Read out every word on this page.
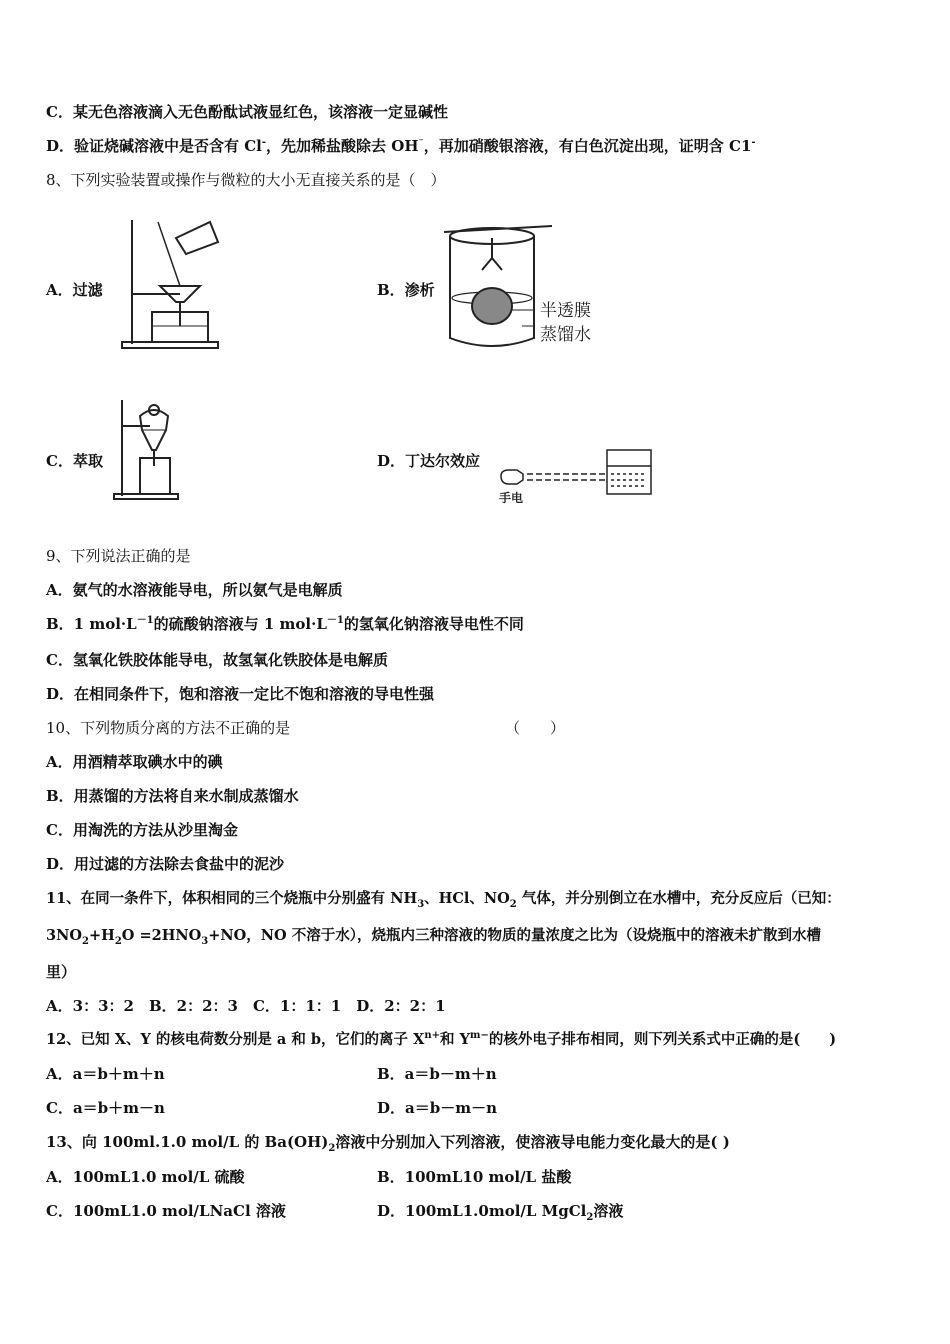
C．某无色溶液滴入无色酚酞试液显红色，该溶液一定显碱性
D．验证烧碱溶液中是否含有 Cl-，先加稀盐酸除去 OH⁻，再加硝酸银溶液，有白色沉淀出现，证明含 C1-
8、下列实验装置或操作与微粒的大小无直接关系的是（　）
A．过滤	B．渗析
半透膜
蒸馏水
C．萃取	D．丁达尔效应
手电
9、下列说法正确的是
A．氨气的水溶液能导电，所以氨气是电解质
B．1 $mol\cdot L^{-1}$的硫酸钠溶液与 1 $mol\cdot L^{-1}$的氢氧化钠溶液导电性不同
C．氢氧化铁胶体能导电，故氢氧化铁胶体是电解质
D．在相同条件下，饱和溶液一定比不饱和溶液的导电性强
10、下列物质分离的方法不正确的是	（　　）
A．用酒精萃取碘水中的碘
B．用蒸馏的方法将自来水制成蒸馏水
C．用淘洗的方法从沙里淘金
D．用过滤的方法除去食盐中的泥沙
11、在同一条件下，体积相同的三个烧瓶中分别盛有 $NH_3$、HCl、$NO_2$ 气体，并分别倒立在水槽中，充分反应后（已知：
$3NO_2+H_2O =2HNO_3+NO$，NO 不溶于水），烧瓶内三种溶液的物质的量浓度之比为（设烧瓶中的溶液未扩散到水槽
里）
A．3：3：2　B．2：2：3　C．1：1：1　D．2：2：1
12、已知 X、Y 的核电荷数分别是 a 和 b，它们的离子 $X^{n+}$和 $Y^{m-}$的核外电子排布相同，则下列关系式中正确的是(　　)
A．a＝b＋m＋n	B．a＝b－m＋n
C．a＝b＋m－n	D．a＝b－m－n
13、向 100ml.1.0 mol/L 的 $Ba(OH)_2$溶液中分别加入下列溶液，使溶液导电能力变化最大的是( )
A．100mL1.0 mol/L 硫酸	B．100mL10 mol/L 盐酸
C．100mL1.0 mol/LNaCl 溶液	D．100mL1.0mol/L MgCl$_2$溶液
